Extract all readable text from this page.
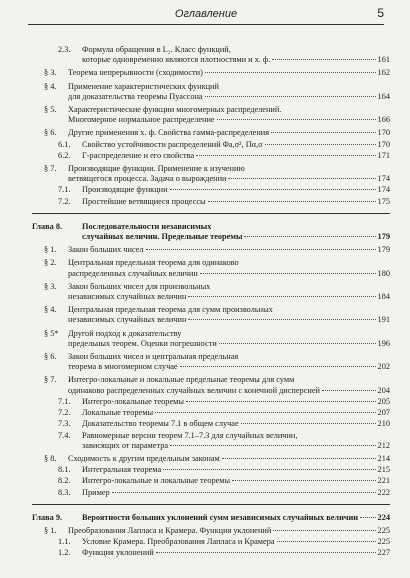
Оглавление	5
2.3. Формула обращения в L₂. Класс функций,
которые одновременно являются плотностями и х. ф.	161
§ 3. Теорема непрерывности (сходимости)	162
§ 4. Применение характеристических функций
для доказательства теоремы Пуассона	164
§ 5. Характеристические функции многомерных распределений.
Многомерное нормальное распределение	166
§ 6. Другие применения х. ф. Свойства гамма-распределения	170
6.1. Свойство устойчивости распределений Φa,σ², Πα,σ	170
6.2. Γ-распределение и его свойства	171
§ 7. Производящие функции. Применение к изучению
ветвящегося процесса. Задача о вырождении	174
7.1. Производящие функции	174
7.2. Простейшие ветвящиеся процессы	175
Глава 8. Последовательности независимых
случайных величин. Предельные теоремы	179
§ 1. Закон больших чисел	179
§ 2. Центральная предельная теорема для одинаково
распределенных случайных величин	180
§ 3. Закон больших чисел для произвольных
независимых случайных величин	184
§ 4. Центральная предельная теорема для сумм произвольных
независимых случайных величин	191
§ 5* Другой подход к доказательству
предельных теорем. Оценки погрешности	196
§ 6. Закон больших чисел и центральная предельная
теорема в многомерном случае	202
§ 7. Интегро-локальные и локальные предельные теоремы для сумм
одинаково распределенных случайных величин с конечной дисперсией	204
7.1. Интегро-локальные теоремы	205
7.2. Локальные теоремы	207
7.3. Доказательство теоремы 7.1 в общем случае	210
7.4. Равномерные версии теорем 7.1–7.3 для случайных величин,
зависящих от параметра	212
§ 8. Сходимость к другим предельным законам	214
8.1. Интегральная теорема	215
8.2. Интегро-локальные и локальные теоремы	221
8.3. Пример	222
Глава 9. Вероятности больших уклонений сумм независимых случайных величин 224
§ 1. Преобразования Лапласа и Крамера. Функция уклонений	225
1.1. Условие Крамера. Преобразования Лапласа и Крамера	225
1.2. Функция уклонений	227
